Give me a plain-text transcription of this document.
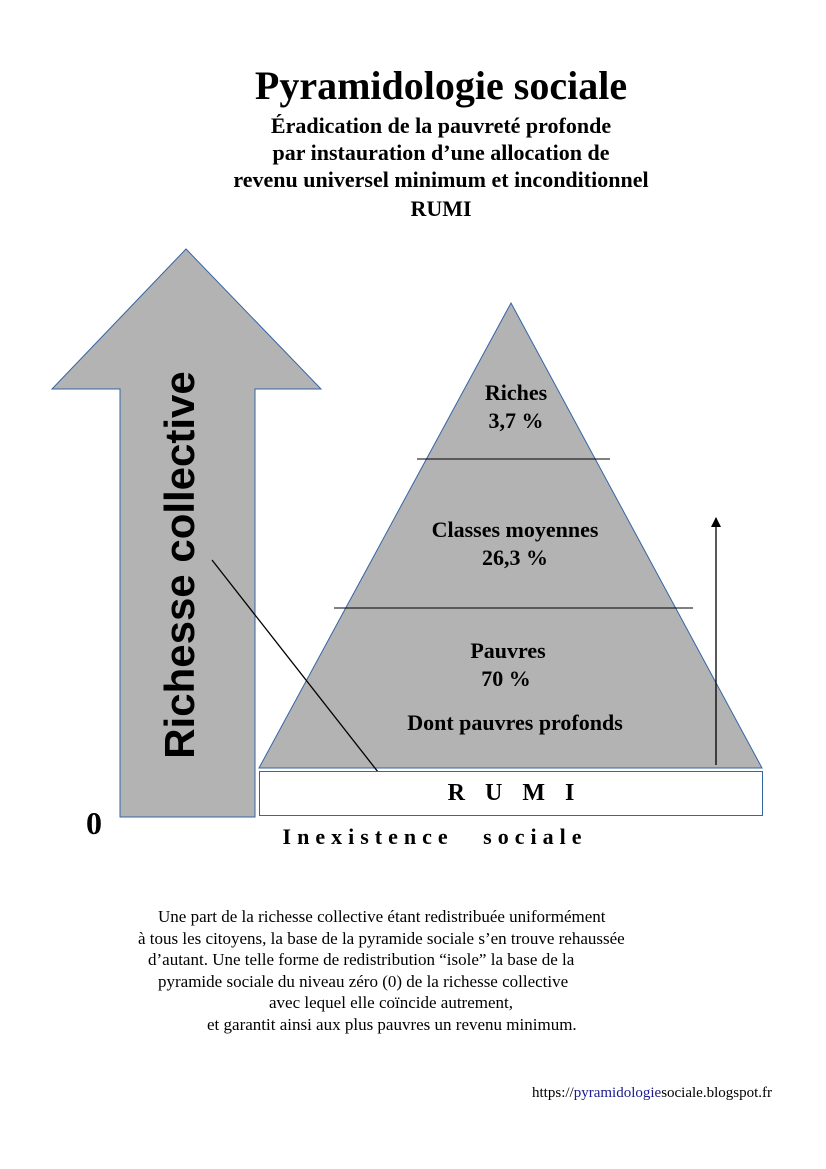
Pyramidologie sociale
Éradication de la pauvreté profonde
par instauration d’une allocation de
revenu universel minimum et inconditionnel
RUMI
Richesse collective	Riches
3,7 %
Classes moyennes
26,3 %
Pauvres
70 %
Dont pauvres profonds
RUMI
0	Inexistence sociale
Une part de la richesse collective étant redistribuée uniformément
à tous les citoyens, la base de la pyramide sociale s’en trouve rehaussée
d’autant. Une telle forme de redistribution “isole” la base de la
pyramide sociale du niveau zéro (0) de la richesse collective
avec lequel elle coïncide autrement,
et garantit ainsi aux plus pauvres un revenu minimum.
https://pyramidologiesociale.blogspot.fr
